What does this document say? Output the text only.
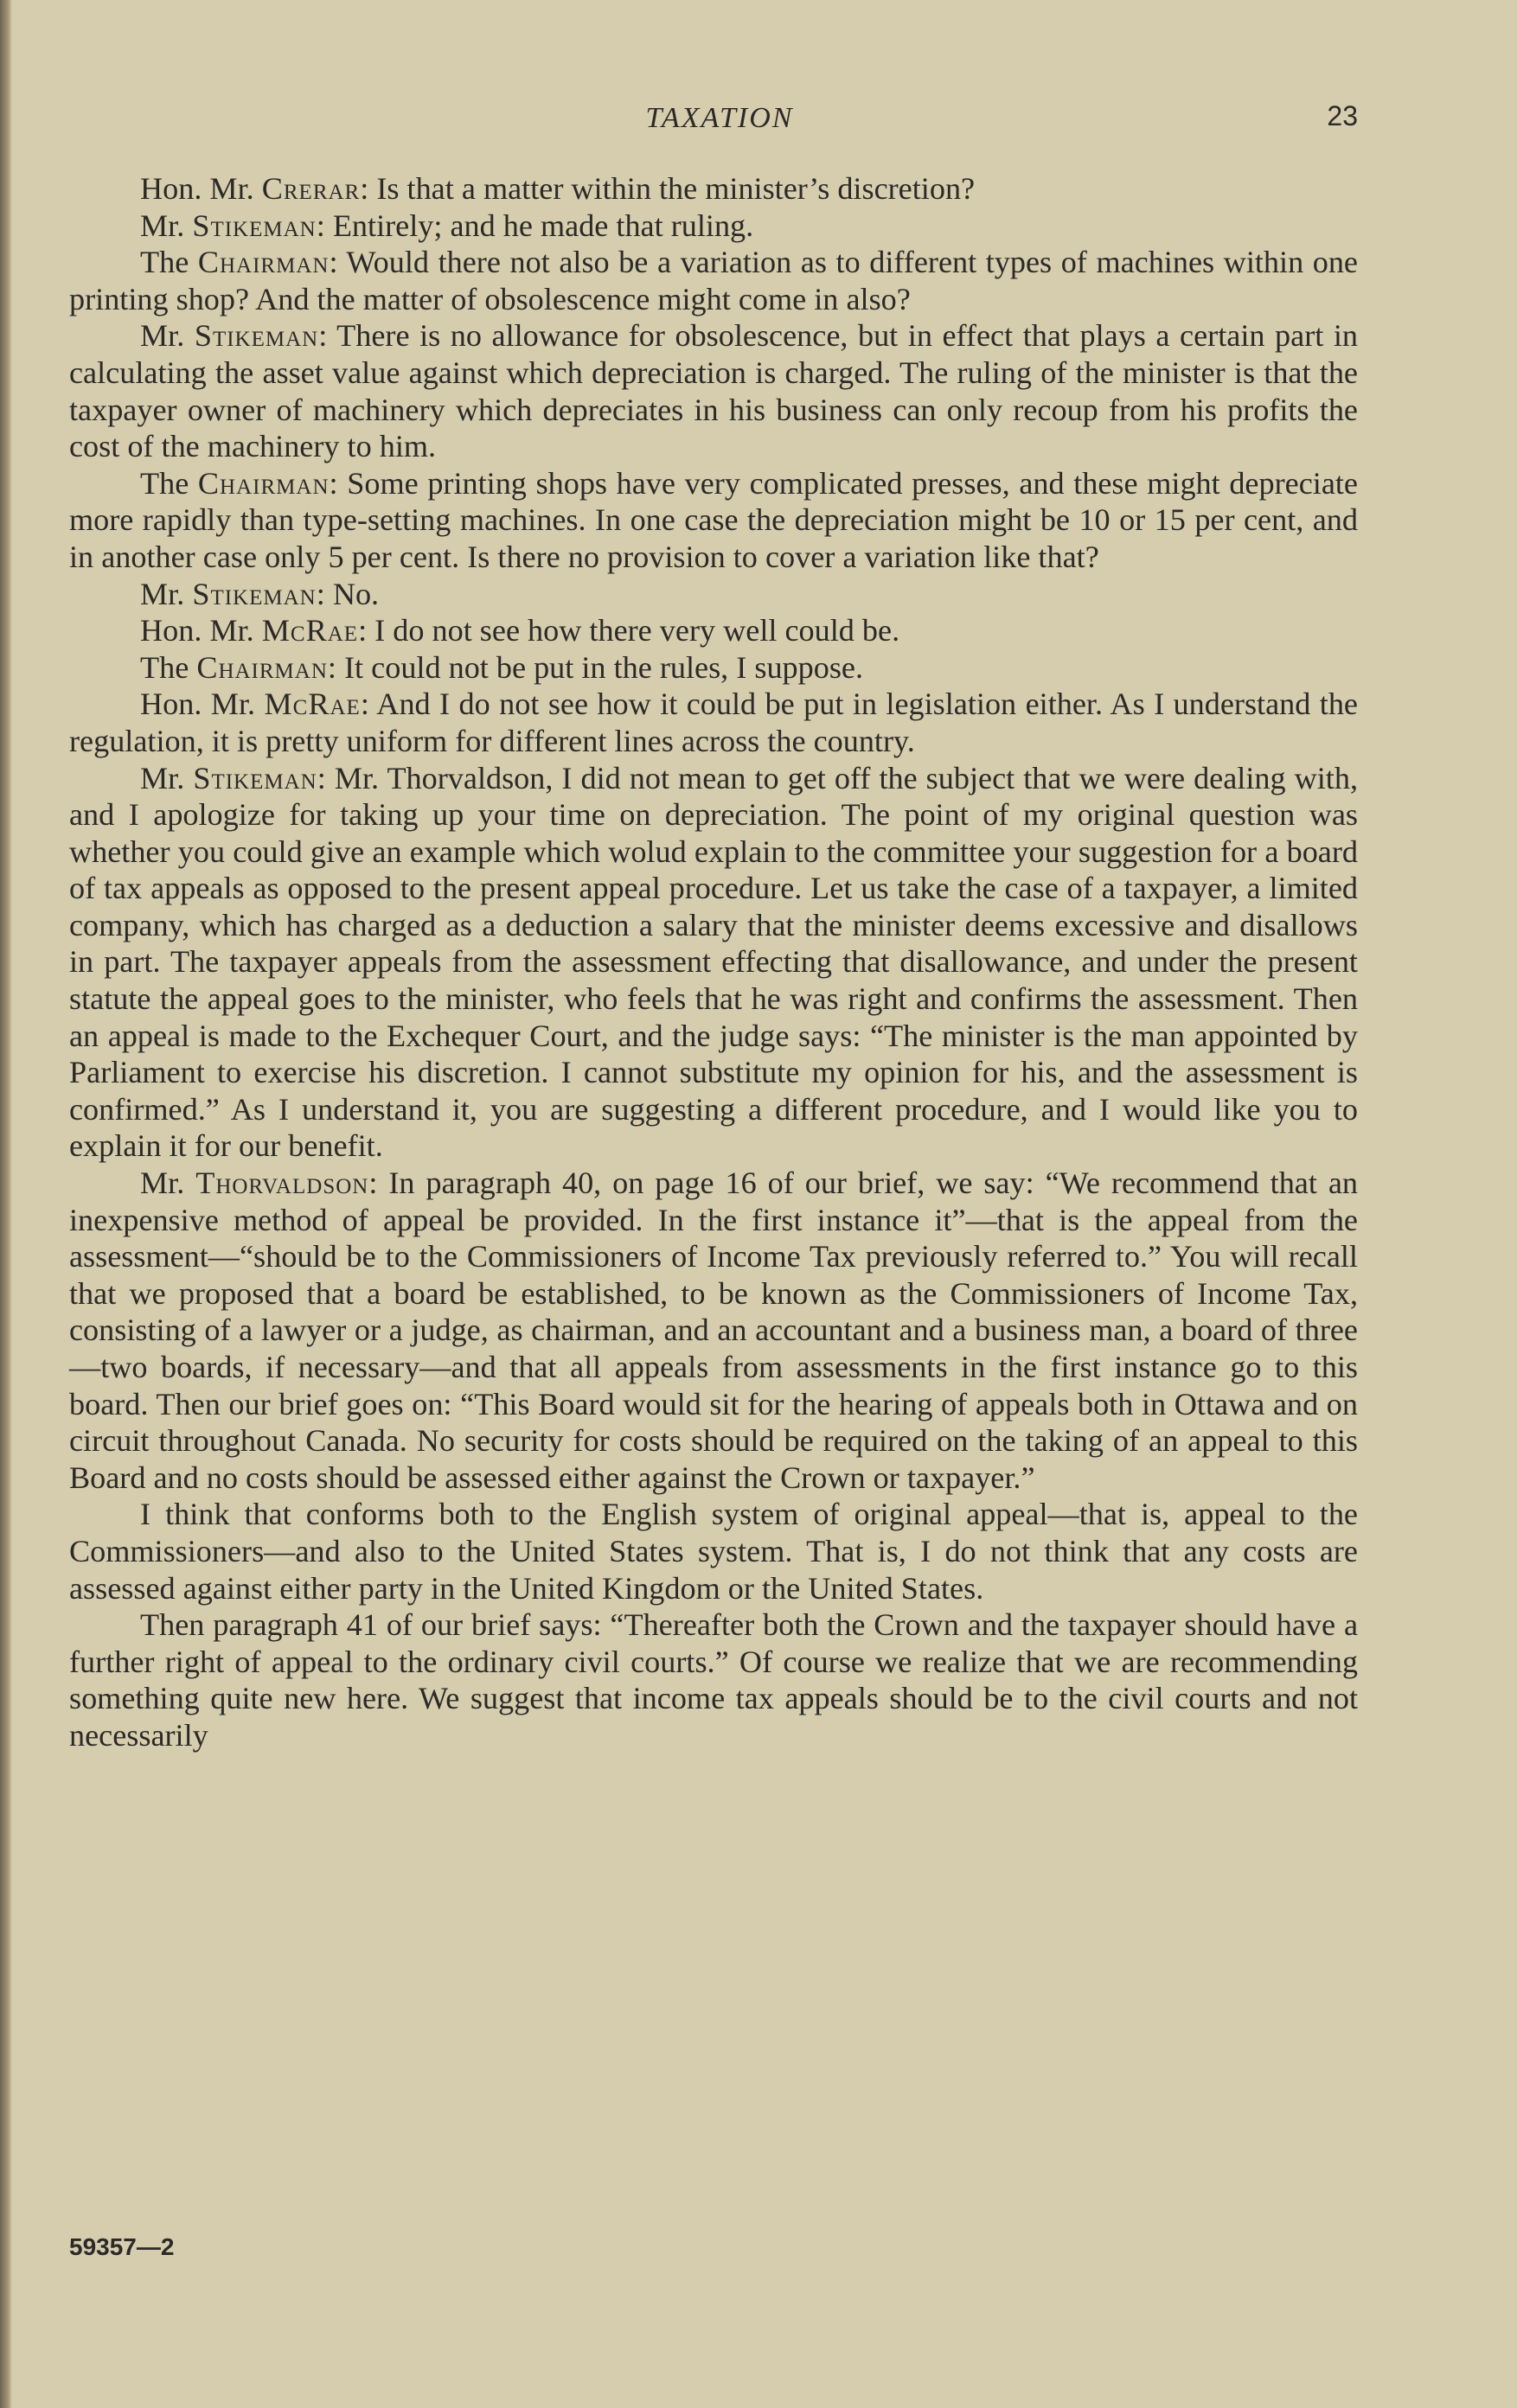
TAXATION	23

Hon. Mr. Crerar: Is that a matter within the minister’s discretion?

Mr. Stikeman: Entirely; and he made that ruling.

The Chairman: Would there not also be a variation as to different types of machines within one printing shop? And the matter of obsolescence might come in also?

Mr. Stikeman: There is no allowance for obsolescence, but in effect that plays a certain part in calculating the asset value against which depreciation is charged. The ruling of the minister is that the taxpayer owner of machinery which depreciates in his business can only recoup from his profits the cost of the machinery to him.

The Chairman: Some printing shops have very complicated presses, and these might depreciate more rapidly than type-setting machines. In one case the depreciation might be 10 or 15 per cent, and in another case only 5 per cent. Is there no provision to cover a variation like that?

Mr. Stikeman: No.

Hon. Mr. McRae: I do not see how there very well could be.

The Chairman: It could not be put in the rules, I suppose.

Hon. Mr. McRae: And I do not see how it could be put in legislation either. As I understand the regulation, it is pretty uniform for different lines across the country.

Mr. Stikeman: Mr. Thorvaldson, I did not mean to get off the subject that we were dealing with, and I apologize for taking up your time on depreciation. The point of my original question was whether you could give an example which wolud explain to the committee your suggestion for a board of tax appeals as opposed to the present appeal procedure. Let us take the case of a taxpayer, a limited company, which has charged as a deduction a salary that the minister deems excessive and disallows in part. The taxpayer appeals from the assessment effecting that disallowance, and under the present statute the appeal goes to the minister, who feels that he was right and confirms the assessment. Then an appeal is made to the Exchequer Court, and the judge says: “The minister is the man appointed by Parliament to exercise his discretion. I cannot substitute my opinion for his, and the assessment is confirmed.” As I understand it, you are suggesting a different procedure, and I would like you to explain it for our benefit.

Mr. Thorvaldson: In paragraph 40, on page 16 of our brief, we say: “We recommend that an inexpensive method of appeal be provided. In the first instance it”—that is the appeal from the assessment—“should be to the Commissioners of Income Tax previously referred to.” You will recall that we proposed that a board be established, to be known as the Commissioners of Income Tax, consisting of a lawyer or a judge, as chairman, and an accountant and a business man, a board of three—two boards, if necessary—and that all appeals from assessments in the first instance go to this board. Then our brief goes on: “This Board would sit for the hearing of appeals both in Ottawa and on circuit throughout Canada. No security for costs should be required on the taking of an appeal to this Board and no costs should be assessed either against the Crown or taxpayer.”

I think that conforms both to the English system of original appeal—that is, appeal to the Commissioners—and also to the United States system. That is, I do not think that any costs are assessed against either party in the United Kingdom or the United States.

Then paragraph 41 of our brief says: “Thereafter both the Crown and the taxpayer should have a further right of appeal to the ordinary civil courts.” Of course we realize that we are recommending something quite new here. We suggest that income tax appeals should be to the civil courts and not necessarily

59357—2
